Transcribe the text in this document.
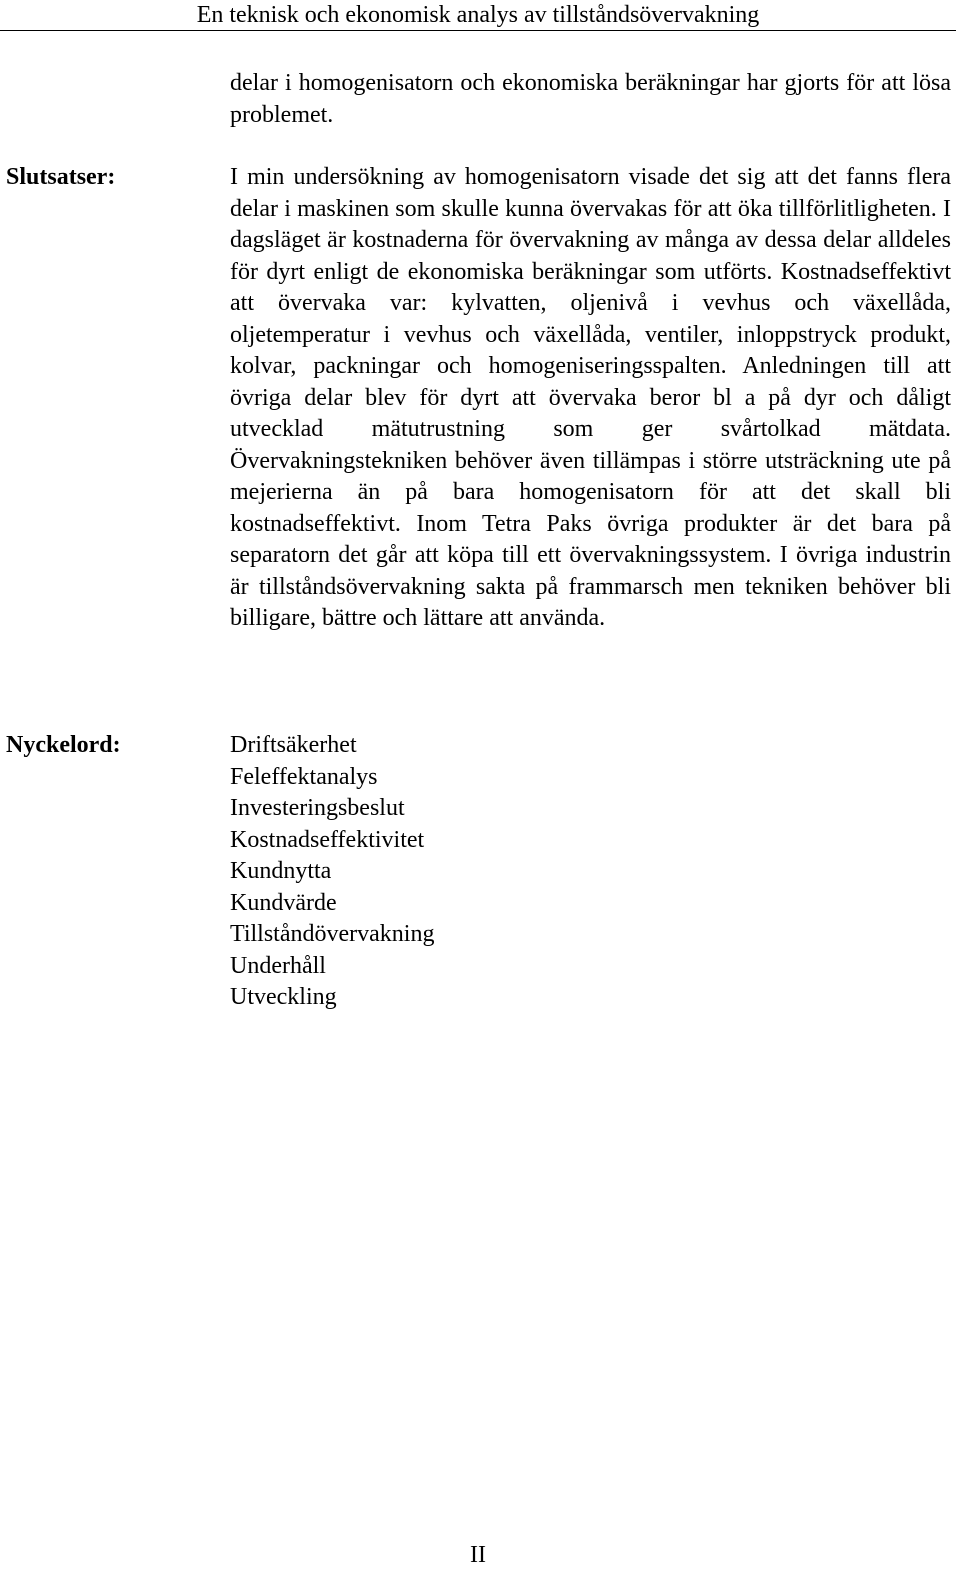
En teknisk och ekonomisk analys av tillståndsövervakning

delar i homogenisatorn och ekonomiska beräkningar har gjorts för att lösa problemet.

Slutsatser:	I min undersökning av homogenisatorn visade det sig att det fanns flera delar i maskinen som skulle kunna övervakas för att öka tillförlitligheten. I dagsläget är kostnaderna för övervakning av många av dessa delar alldeles för dyrt enligt de ekonomiska beräkningar som utförts. Kostnadseffektivt att övervaka var: kylvatten, oljenivå i vevhus och växellåda, oljetemperatur i vevhus och växellåda, ventiler, inloppstryck produkt, kolvar, packningar och homogeniseringsspalten. Anledningen till att övriga delar blev för dyrt att övervaka beror bl a på dyr och dåligt utvecklad mätutrustning som ger svårtolkad mätdata. Övervakningstekniken behöver även tillämpas i större utsträckning ute på mejerierna än på bara homogenisatorn för att det skall bli kostnadseffektivt. Inom Tetra Paks övriga produkter är det bara på separatorn det går att köpa till ett övervakningssystem. I övriga industrin är tillståndsövervakning sakta på frammarsch men tekniken behöver bli billigare, bättre och lättare att använda.

Nyckelord:	Driftsäkerhet
Feleffektanalys
Investeringsbeslut
Kostnadseffektivitet
Kundnytta
Kundvärde
Tillståndövervakning
Underhåll
Utveckling
II
